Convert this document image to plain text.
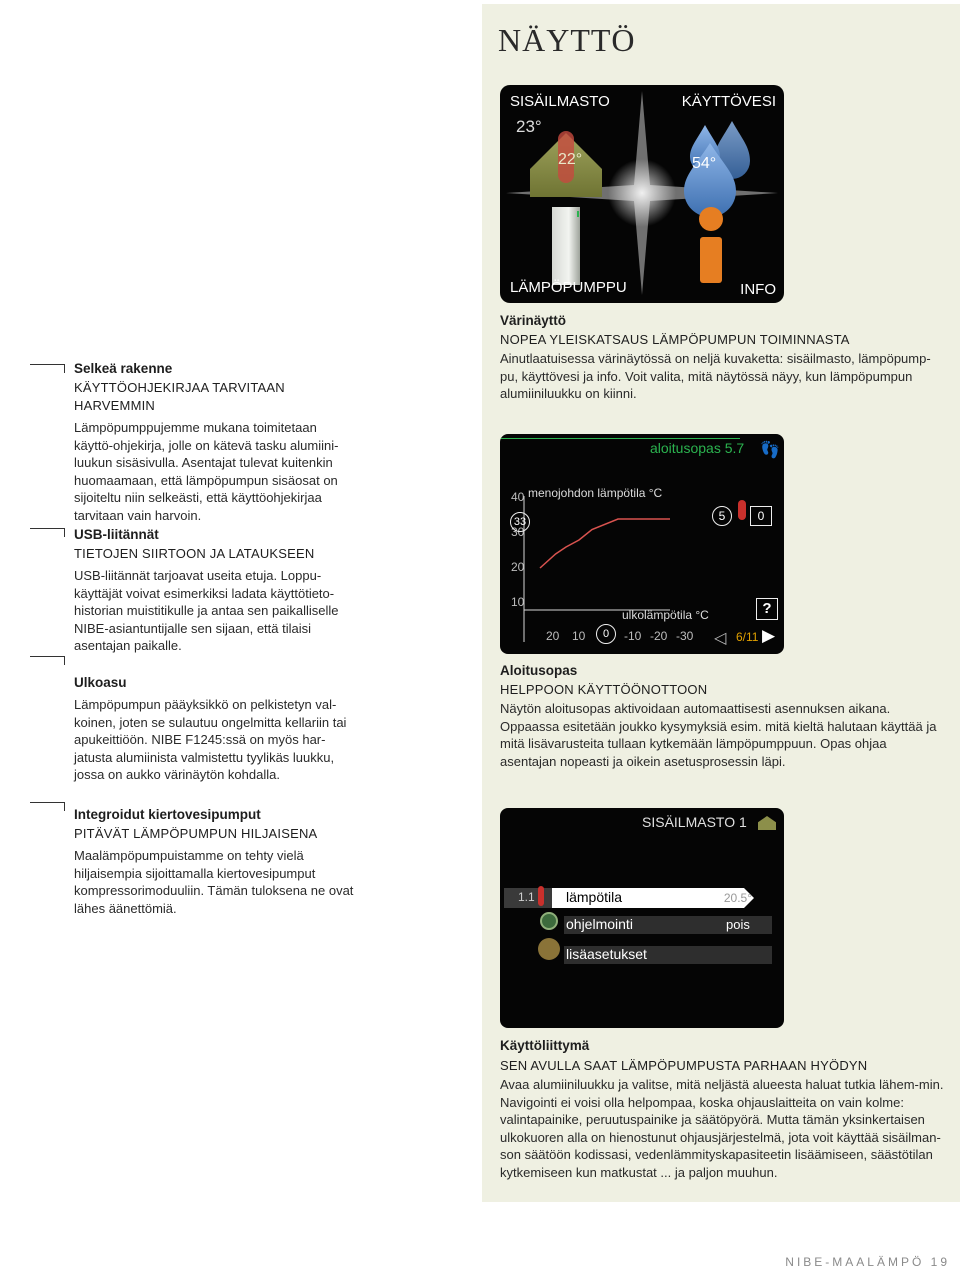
NÄYTTÖ
SISÄILMASTO	KÄYTTÖVESI
LÄMPÖPUMPPU	INFO
23°
22°	54°
Värinäyttö
NOPEA YLEISKATSAUS LÄMPÖPUMPUN TOIMINNASTA
Ainutlaatuisessa värinäytössä on neljä kuvaketta: sisäilmasto, lämpöpump-pu, käyttövesi ja info. Voit valita, mitä näytössä näyy, kun lämpöpumpun alumiiniluukku on kiinni.
aloitusopas 5.7 👣
40
30
20
10
20 10	-10 -20 -30
menojohdon lämpötila °C
ulkolämpötila °C
33
0
5	0
?
◁ 6/11 ▶
Aloitusopas
HELPPOON KÄYTTÖÖNOTTOON
Näytön aloitusopas aktivoidaan automaattisesti asennuksen aikana. Oppaassa esitetään joukko kysymyksiä esim. mitä kieltä halutaan käyttää ja mitä lisävarusteita tullaan kytkemään lämpöpumppuun. Opas ohjaa asentajan nopeasti ja oikein asetusprosessin läpi.
SISÄILMASTO 1
1.1 lämpötila	20.5°
ohjelmointi	pois
lisäasetukset
Käyttöliittymä
SEN AVULLA SAAT LÄMPÖPUMPUSTA PARHAAN HYÖDYN
Avaa alumiiniluukku ja valitse, mitä neljästä alueesta haluat tutkia lähem-min. Navigointi ei voisi olla helpompaa, koska ohjauslaitteita on vain kolme: valintapainike, peruutuspainike ja säätöpyörä. Mutta tämän yksinkertaisen ulkokuoren alla on hienostunut ohjausjärjestelmä, jota voit käyttää sisäilman-son säätöön kodissasi, vedenlämmityskapasiteetin lisäämiseen, säästötilan kytkemiseen kun matkustat ... ja paljon muuhun.
Selkeä rakenne
KÄYTTÖOHJEKIRJAA TARVITAAN HARVEMMIN
Lämpöpumppujemme mukana toimitetaan käyttö-ohjekirja, jolle on kätevä tasku alumiini-luukun sisäsivulla. Asentajat tulevat kuitenkin huomaamaan, että lämpöpumpun sisäosat on sijoiteltu niin selkeästi, että käyttöohjekirjaa tarvitaan vain harvoin.
USB-liitännät
TIETOJEN SIIRTOON JA LATAUKSEEN
USB-liitännät tarjoavat useita etuja. Loppu-käyttäjät voivat esimerkiksi ladata käyttötieto-historian muistitikulle ja antaa sen paikalliselle NIBE-asiantuntijalle sen sijaan, että tilaisi asentajan paikalle.
Ulkoasu
Lämpöpumpun pääyksikkö on pelkistetyn val-koinen, joten se sulautuu ongelmitta kellariin tai apukeittiöön. NIBE F1245:ssä on myös har-jatusta alumiinista valmistettu tyylikäs luukku, jossa on aukko värinäytön kohdalla.
Integroidut kiertovesipumput
PITÄVÄT LÄMPÖPUMPUN HILJAISENA
Maalämpöpumpuistamme on tehty vielä hiljaisempia sijoittamalla kiertovesipumput kompressorimoduuliin. Tämän tuloksena ne ovat lähes äänettömiä.
NIBE-MAALÄMPÖ 19
